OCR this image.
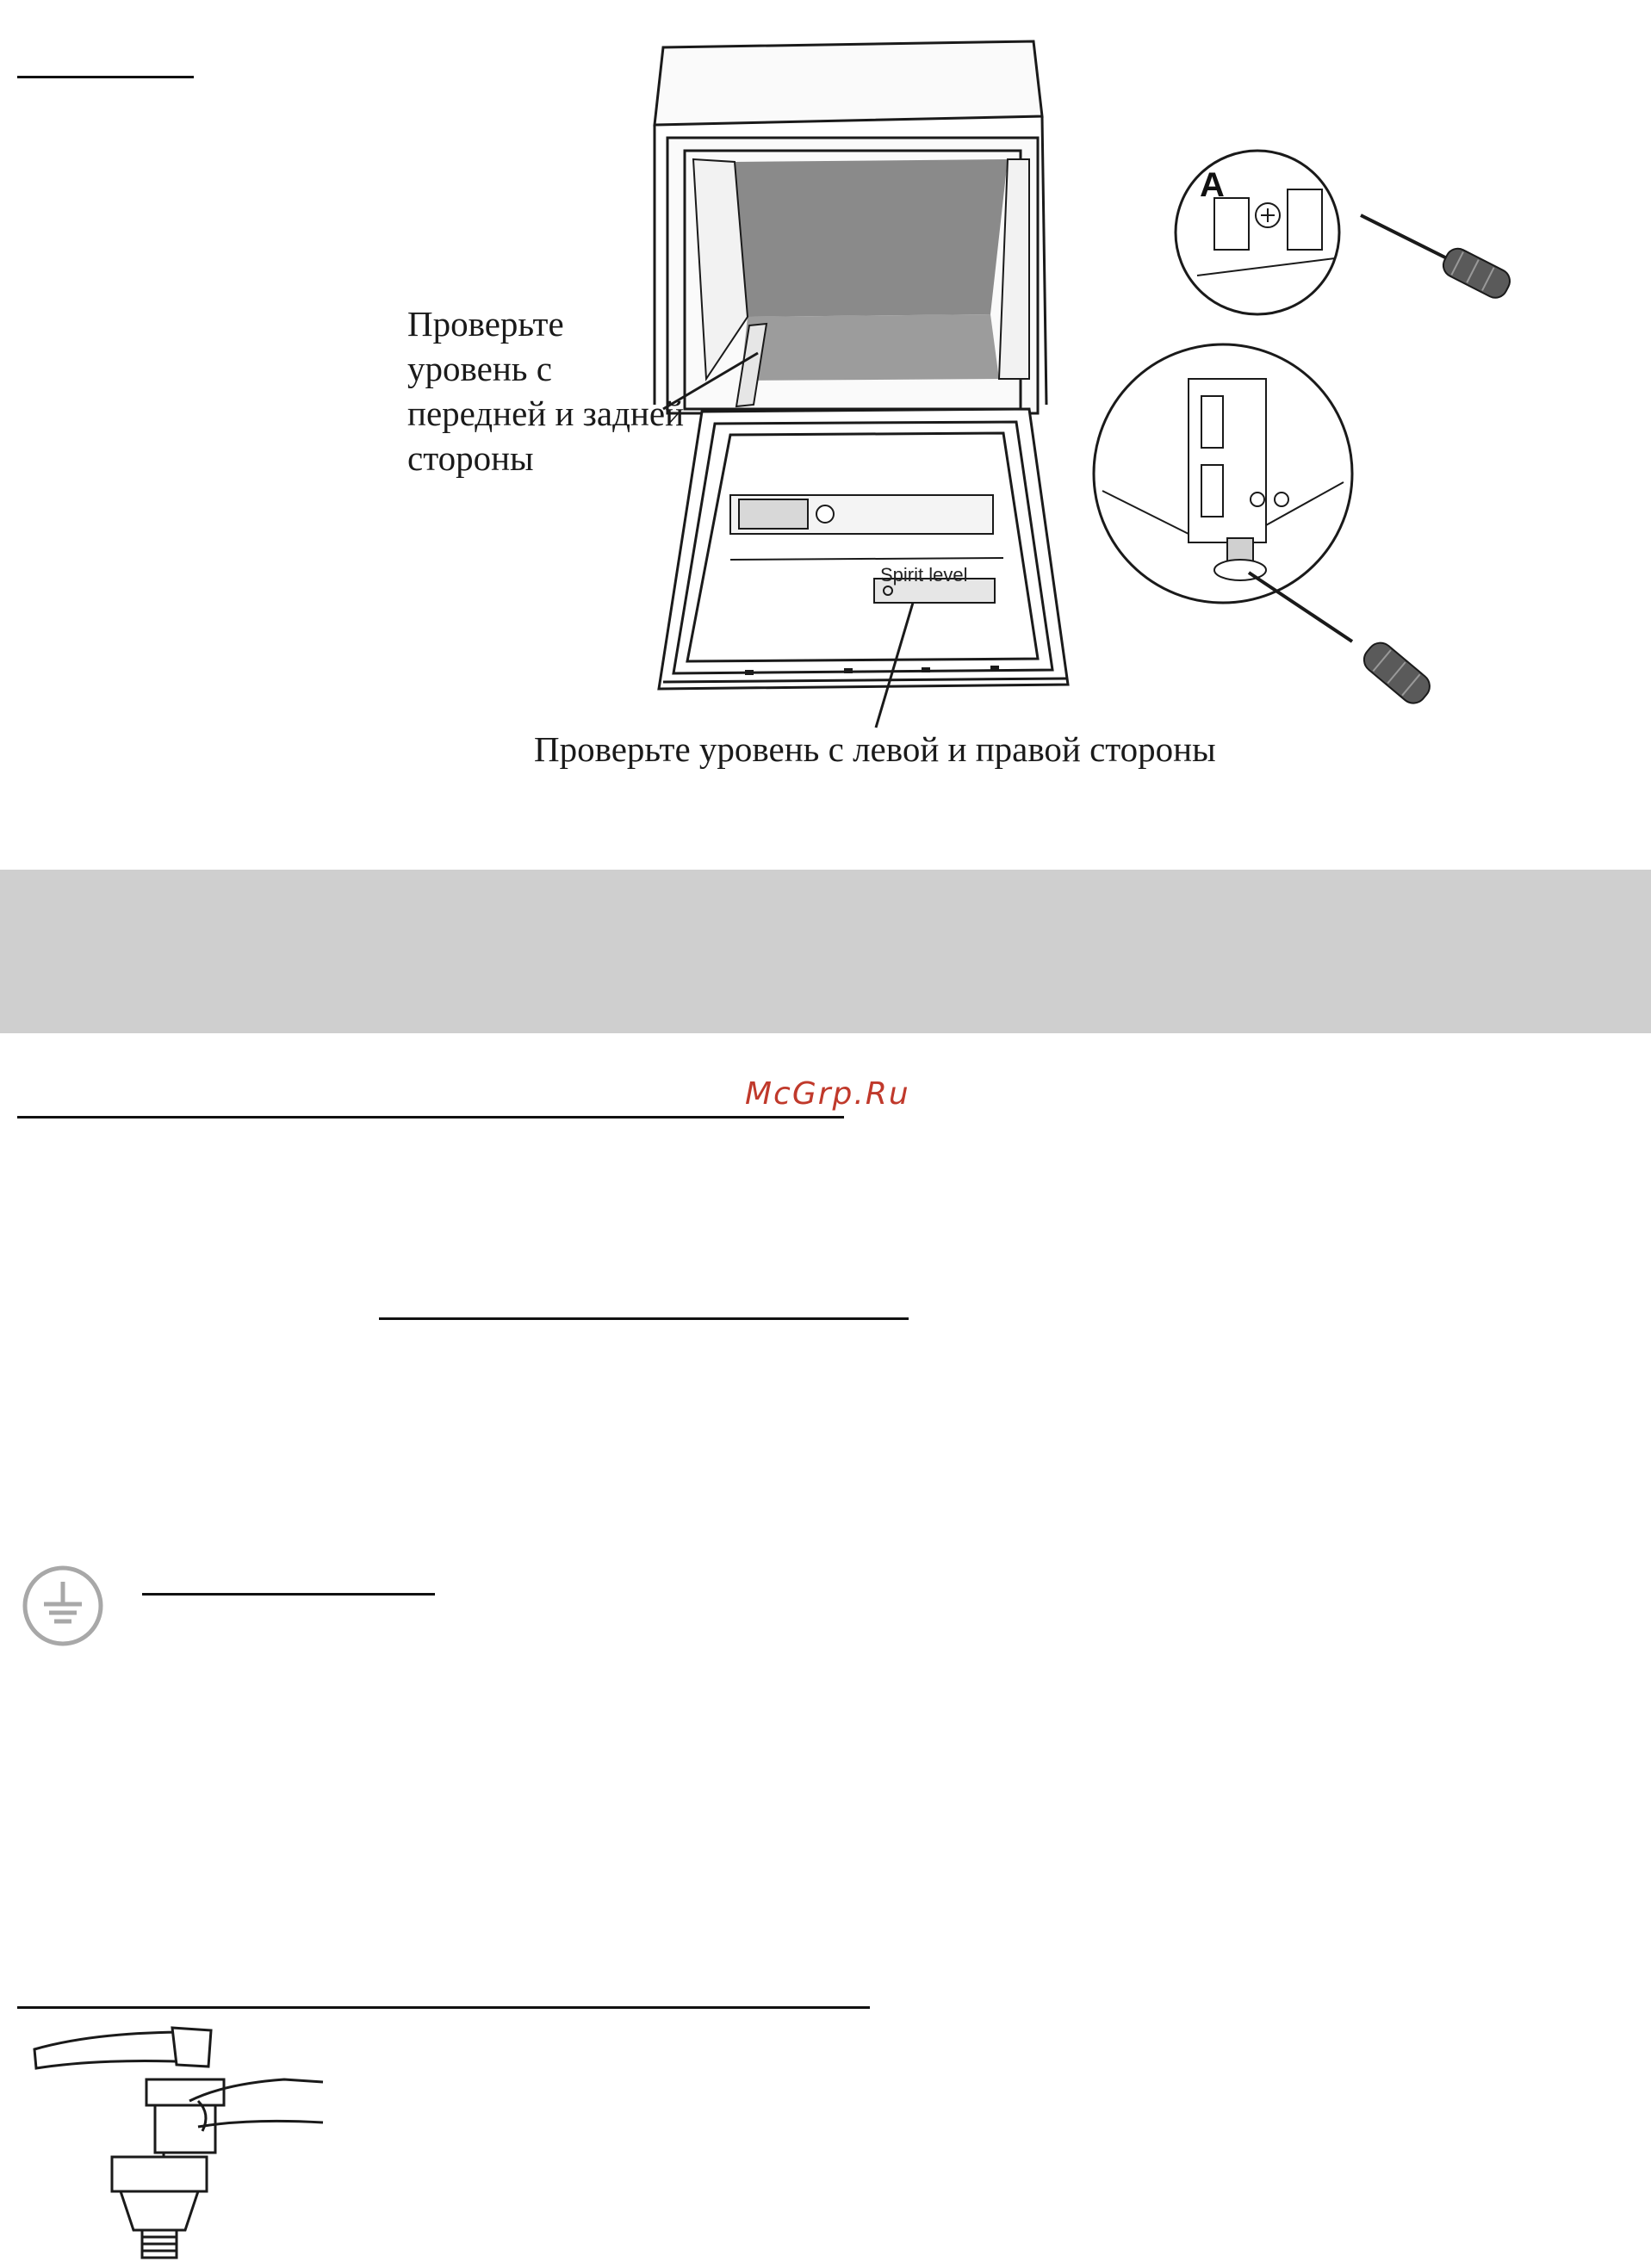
Spirit level
Проверьте уровень с передней и задней стороны
Проверьте уровень с левой и правой стороны
A
McGrp.Ru
